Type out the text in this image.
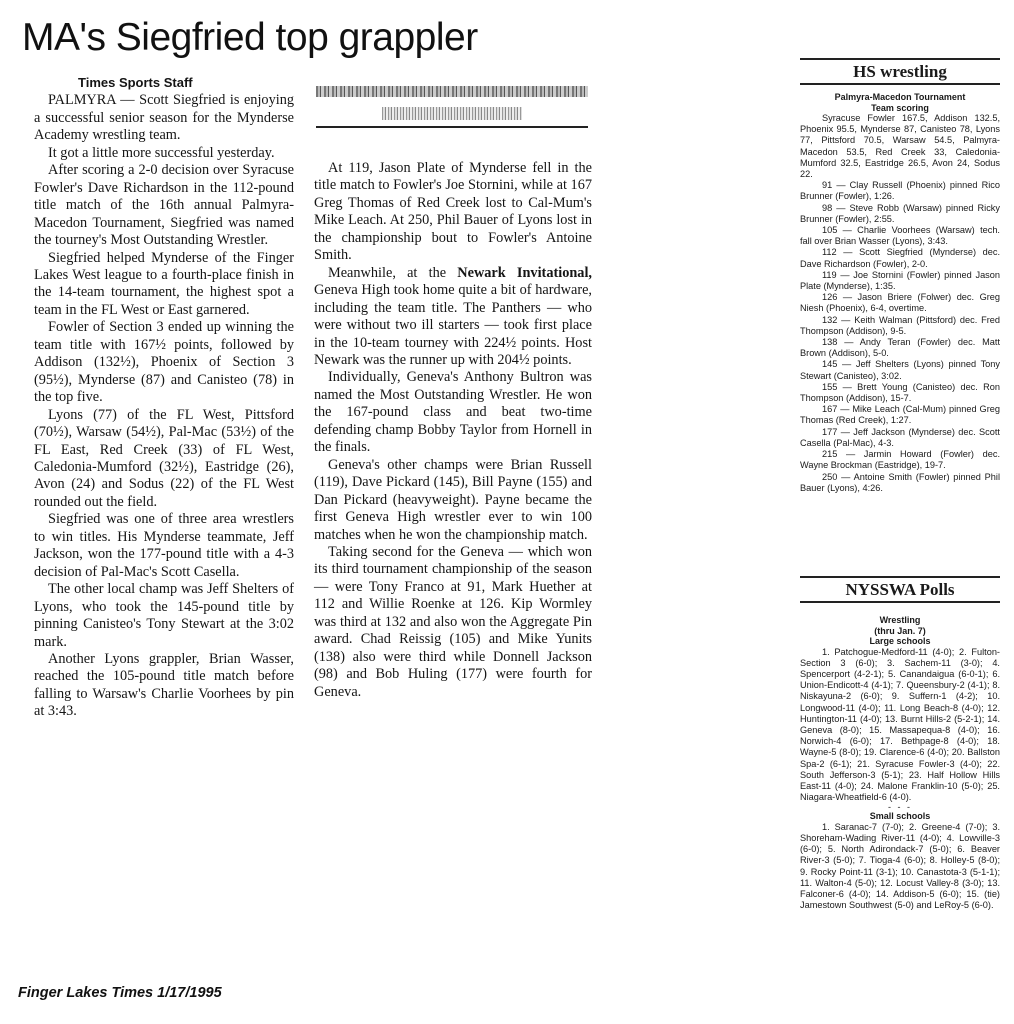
MA's Siegfried top grappler
Times Sports Staff

PALMYRA — Scott Siegfried is enjoying a successful senior season for the Mynderse Academy wrestling team.

It got a little more successful yesterday.

After scoring a 2-0 decision over Syracuse Fowler's Dave Richardson in the 112-pound title match of the 16th annual Palmyra-Macedon Tournament, Siegfried was named the tourney's Most Outstanding Wrestler.

Siegfried helped Mynderse of the Finger Lakes West league to a fourth-place finish in the 14-team tournament, the highest spot a team in the FL West or East garnered.

Fowler of Section 3 ended up winning the team title with 167½ points, followed by Addison (132½), Phoenix of Section 3 (95½), Mynderse (87) and Canisteo (78) in the top five.

Lyons (77) of the FL West, Pittsford (70½), Warsaw (54½), Pal-Mac (53½) of the FL East, Red Creek (33) of FL West, Caledonia-Mumford (32½), Eastridge (26), Avon (24) and Sodus (22) of the FL West rounded out the field.

Siegfried was one of three area wrestlers to win titles. His Mynderse teammate, Jeff Jackson, won the 177-pound title with a 4-3 decision of Pal-Mac's Scott Casella.

The other local champ was Jeff Shelters of Lyons, who took the 145-pound title by pinning Canisteo's Tony Stewart at the 3:02 mark.

Another Lyons grappler, Brian Wasser, reached the 105-pound title match before falling to Warsaw's Charlie Voorhees by pin at 3:43.

At 119, Jason Plate of Mynderse fell in the title match to Fowler's Joe Stornini, while at 167 Greg Thomas of Red Creek lost to Cal-Mum's Mike Leach. At 250, Phil Bauer of Lyons lost in the championship bout to Fowler's Antoine Smith.

Meanwhile, at the Newark Invitational, Geneva High took home quite a bit of hardware, including the team title. The Panthers — who were without two ill starters — took first place in the 10-team tourney with 224½ points. Host Newark was the runner up with 204½ points.

Individually, Geneva's Anthony Bultron was named the Most Outstanding Wrestler. He won the 167-pound class and beat two-time defending champ Bobby Taylor from Hornell in the finals.

Geneva's other champs were Brian Russell (119), Dave Pickard (145), Bill Payne (155) and Dan Pickard (heavyweight). Payne became the first Geneva High wrestler ever to win 100 matches when he won the championship match.

Taking second for the Geneva — which won its third tournament championship of the season — were Tony Franco at 91, Mark Huether at 112 and Willie Roenke at 126. Kip Wormley was third at 132 and also won the Aggregate Pin award. Chad Reissig (105) and Mike Yunits (138) also were third while Donnell Jackson (98) and Bob Huling (177) were fourth for Geneva.

Finger Lakes Times 1/17/1995
HS wrestling
Palmyra-Macedon Tournament
Team scoring

Syracuse Fowler 167.5, Addison 132.5, Phoenix 95.5, Mynderse 87, Canisteo 78, Lyons 77, Pittsford 70.5, Warsaw 54.5, Palmyra-Macedon 53.5, Red Creek 33, Caledonia-Mumford 32.5, Eastridge 26.5, Avon 24, Sodus 22.

91 — Clay Russell (Phoenix) pinned Rico Brunner (Fowler), 1:26.

98 — Steve Robb (Warsaw) pinned Ricky Brunner (Fowler), 2:55.

105 — Charlie Voorhees (Warsaw) tech. fall over Brian Wasser (Lyons), 3:43.

112 — Scott Siegfried (Mynderse) dec. Dave Richardson (Fowler), 2-0.

119 — Joe Stornini (Fowler) pinned Jason Plate (Mynderse), 1:35.

126 — Jason Briere (Folwer) dec. Greg Niesh (Phoenix), 6-4, overtime.

132 — Keith Walman (Pittsford) dec. Fred Thompson (Addison), 9-5.

138 — Andy Teran (Fowler) dec. Matt Brown (Addison), 5-0.

145 — Jeff Shelters (Lyons) pinned Tony Stewart (Canisteo), 3:02.

155 — Brett Young (Canisteo) dec. Ron Thompson (Addison), 15-7.

167 — Mike Leach (Cal-Mum) pinned Greg Thomas (Red Creek), 1:27.

177 — Jeff Jackson (Mynderse) dec. Scott Casella (Pal-Mac), 4-3.

215 — Jarmin Howard (Fowler) dec. Wayne Brockman (Eastridge), 19-7.

250 — Antoine Smith (Fowler) pinned Phil Bauer (Lyons), 4:26.

NYSSWA Polls
Wrestling
(thru Jan. 7)
Large schools

1. Patchogue-Medford-11 (4-0); 2. Fulton-Section 3 (6-0); 3. Sachem-11 (3-0); 4. Spencerport (4-2-1); 5. Canandaigua (6-0-1); 6. Union-Endicott-4 (4-1); 7. Queensbury-2 (4-1); 8. Niskayuna-2 (6-0); 9. Suffern-1 (4-2); 10. Longwood-11 (4-0); 11. Long Beach-8 (4-0); 12. Huntington-11 (4-0); 13. Burnt Hills-2 (5-2-1); 14. Geneva (8-0); 15. Massapequa-8 (4-0); 16. Norwich-4 (6-0); 17. Bethpage-8 (4-0); 18. Wayne-5 (8-0); 19. Clarence-6 (4-0); 20. Ballston Spa-2 (6-1); 21. Syracuse Fowler-3 (4-0); 22. South Jefferson-3 (5-1); 23. Half Hollow Hills East-11 (4-0); 24. Malone Franklin-10 (5-0); 25. Niagara-Wheatfield-6 (4-0).

- - -
Small schools

1. Saranac-7 (7-0); 2. Greene-4 (7-0); 3. Shoreham-Wading River-11 (4-0); 4. Lowville-3 (6-0); 5. North Adirondack-7 (5-0); 6. Beaver River-3 (5-0); 7. Tioga-4 (6-0); 8. Holley-5 (8-0); 9. Rocky Point-11 (3-1); 10. Canastota-3 (5-1-1); 11. Walton-4 (5-0); 12. Locust Valley-8 (3-0); 13. Falconer-6 (4-0); 14. Addison-5 (6-0); 15. (tie) Jamestown Southwest (5-0) and LeRoy-5 (6-0).
